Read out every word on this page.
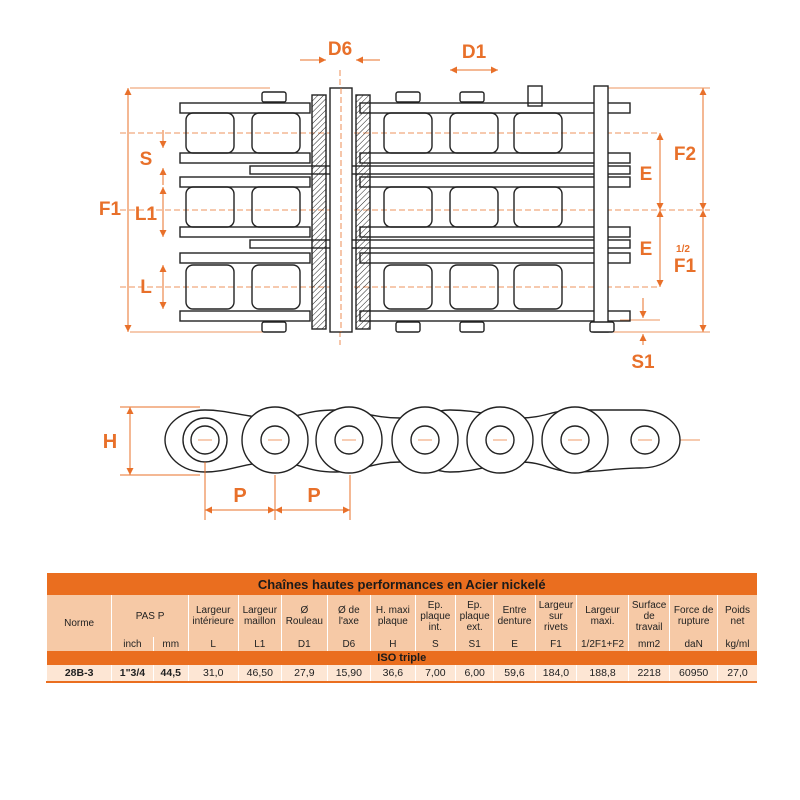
D6	D1
S
L1
L
F1
F2
E
E 1/2
F1
S1
H
P	P
Chaînes hautes performances en Acier nickelé															
Norme	PAS P		Largeur intérieure	Largeur maillon	Ø Rouleau	Ø de l'axe	H. maxi plaque	Ep. plaque int.	Ep. plaque ext.	Entre denture	Largeur sur rivets	Largeur maxi.	Surface de travail	Force de rupture	Poids net
	inch	mm	L	L1	D1	D6	H	S	S1	E	F1	1/2F1+F2	mm2	daN	kg/ml
ISO triple															
28B-3	1"3/4	44,5	31,0	46,50	27,9	15,90	36,6	7,00	6,00	59,6	184,0	188,8	2218	60950	27,0
